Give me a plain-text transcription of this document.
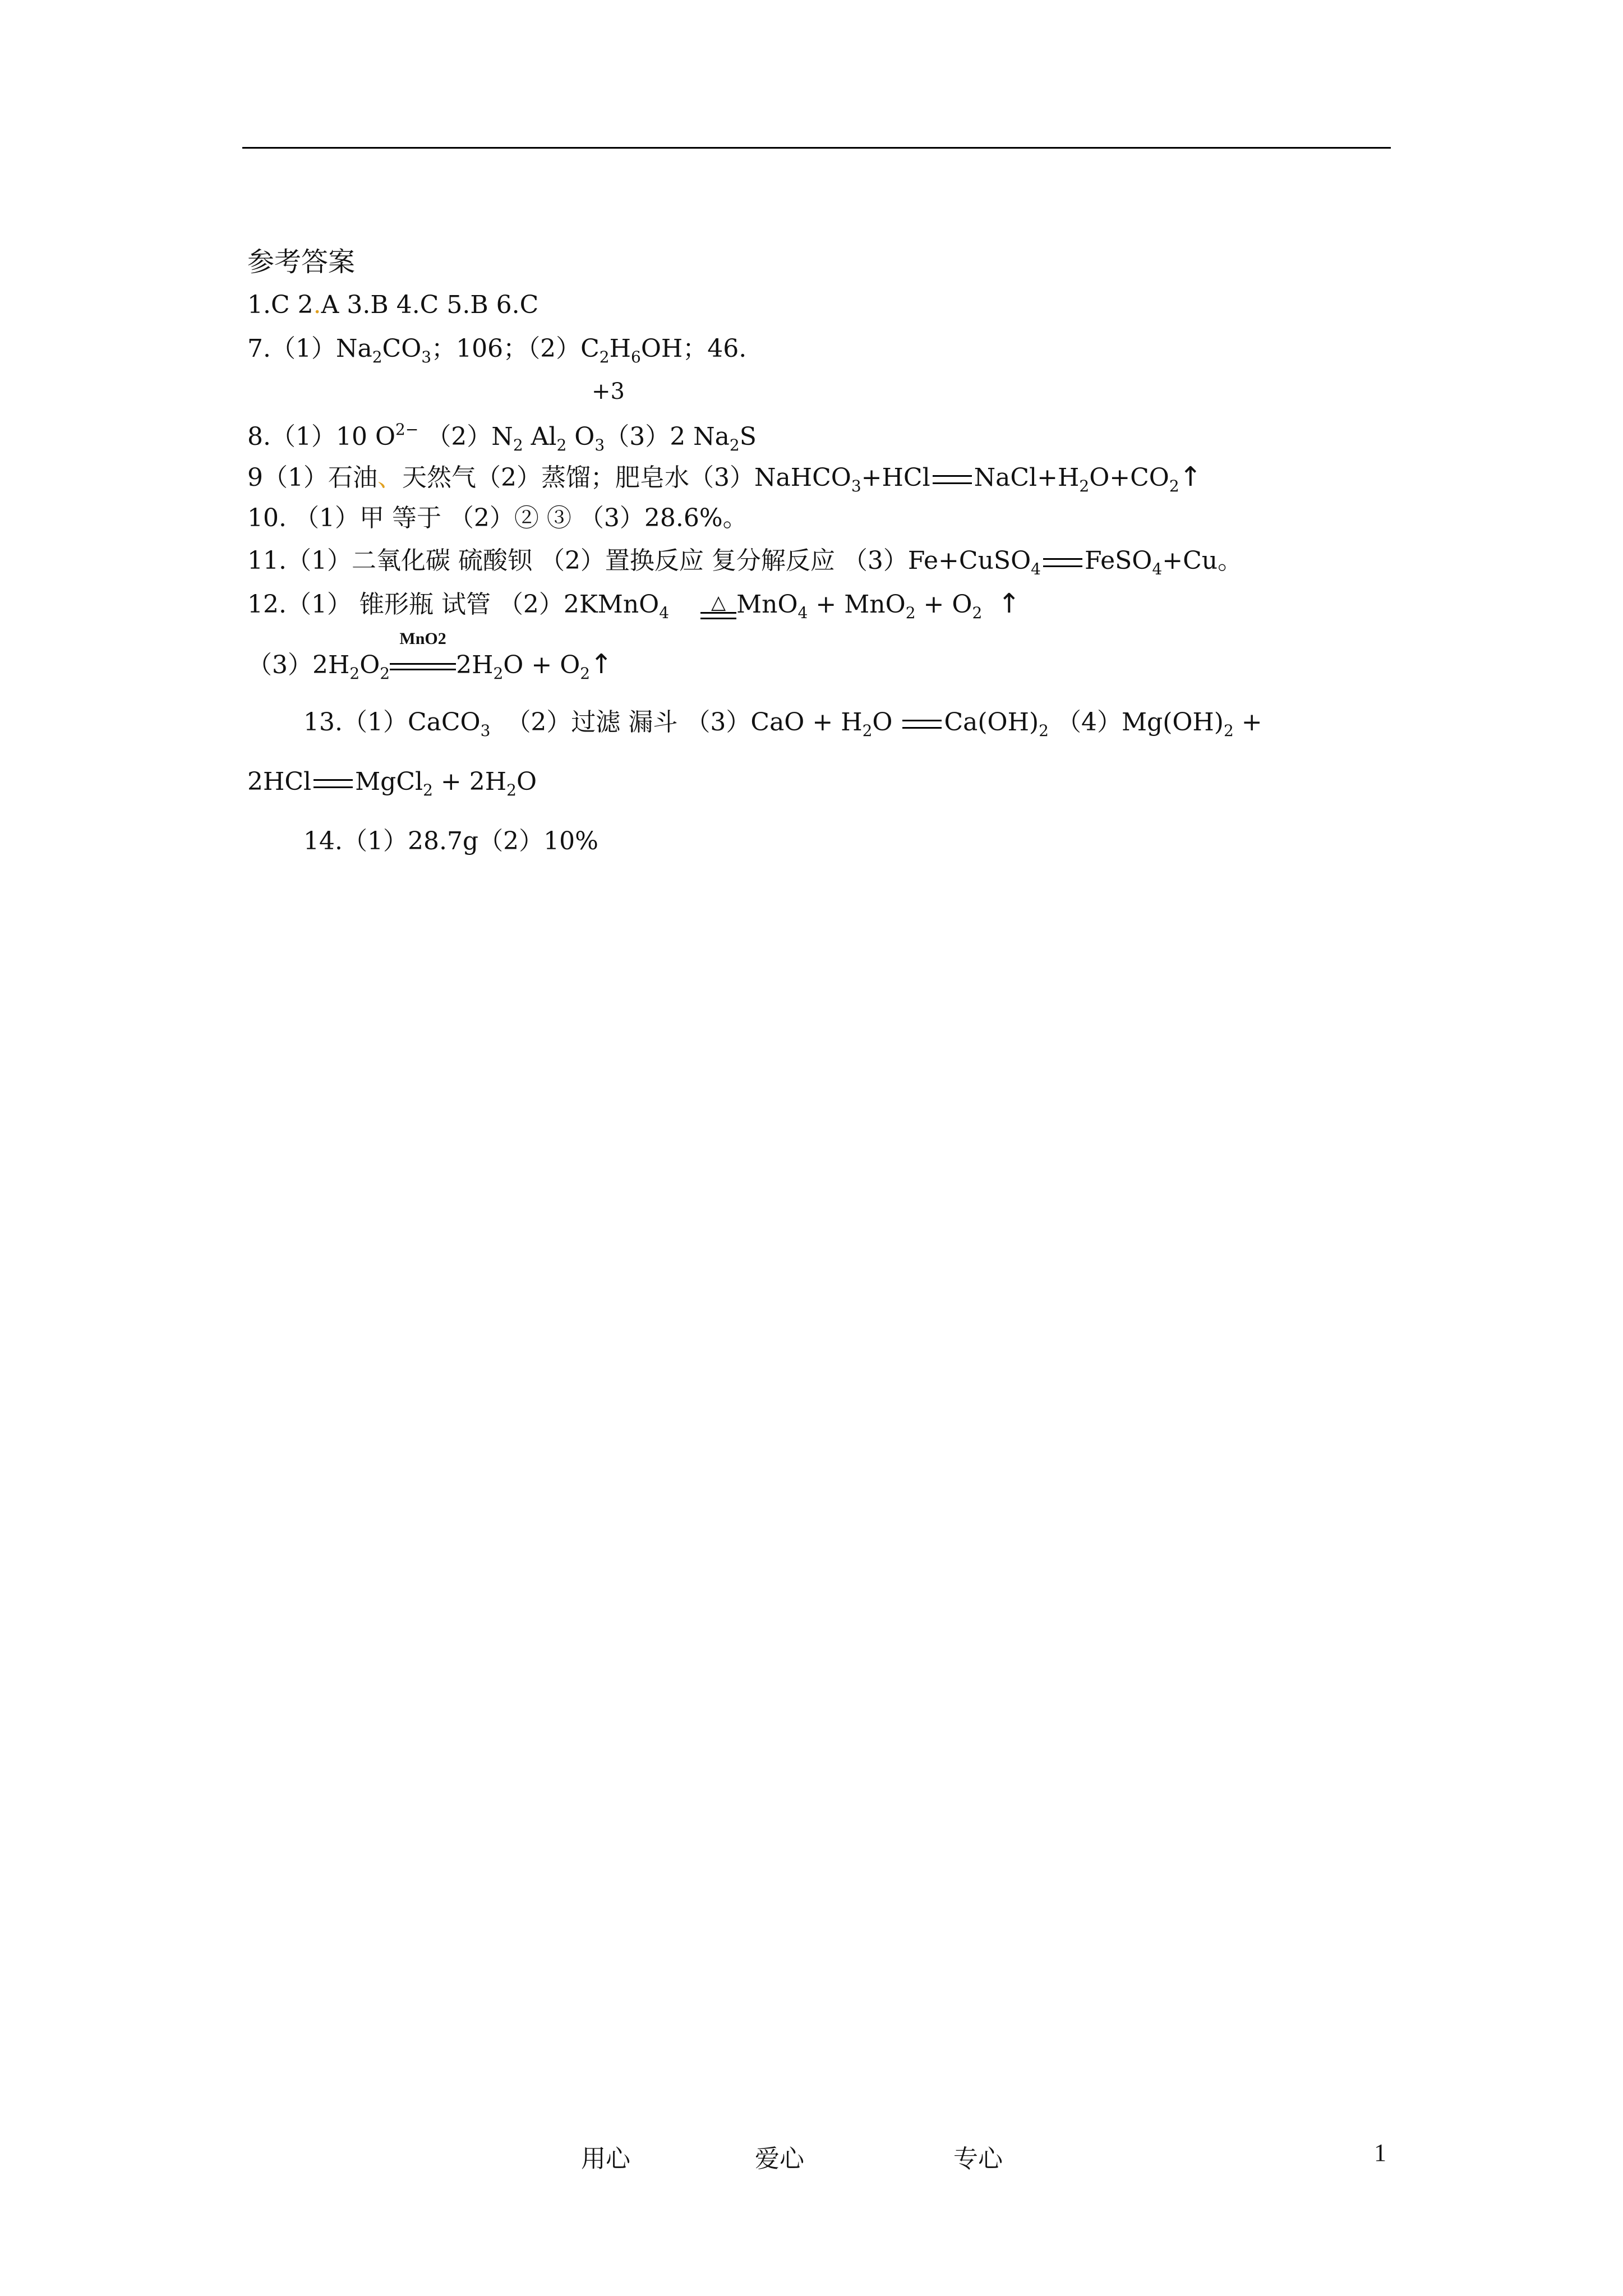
参考答案
1.C 2.A 3.B 4.C 5.B 6.C
$7.(1)Na_2CO_3$；106；$(2)C_2H_6OH$；46.
+3
8.（1）10 $O^{2-}$ $(2)N_2$ $Al_2$ $O_3(3)2$ $Na_2S$
9（1）石油、天然气（2）蒸馏；肥皂水（3）NaHCO$_3$+HCl $NaCl+H_2O+CO_2↑$
10. （1）甲 等于 （2）② ③ （3）28.6%。
11.（1）二氧化碳 硫酸钡 （2）置换反应 复分解反应 （3）Fe+CuSO$_4$ FeSO$_4$+Cu。
12.（1） 锥形瓶 试管 （2）2KMnO$_4$	△ $MnO_4 + MnO_2 + O_2$ ↑
$(3)2H_2O_2$
MnO2
$2H_2O$ + $O_2↑$
13.（1）CaCO$_3$ （2）过滤 漏斗 $(3)CaO + H_2O$ $Ca(OH)_2$ $(4)Mg(OH)_2$ +
2HCl MgCl$_2$ + $2H_2O$
14.（1）28.7g（2）10%
用心	爱心	专心	1
